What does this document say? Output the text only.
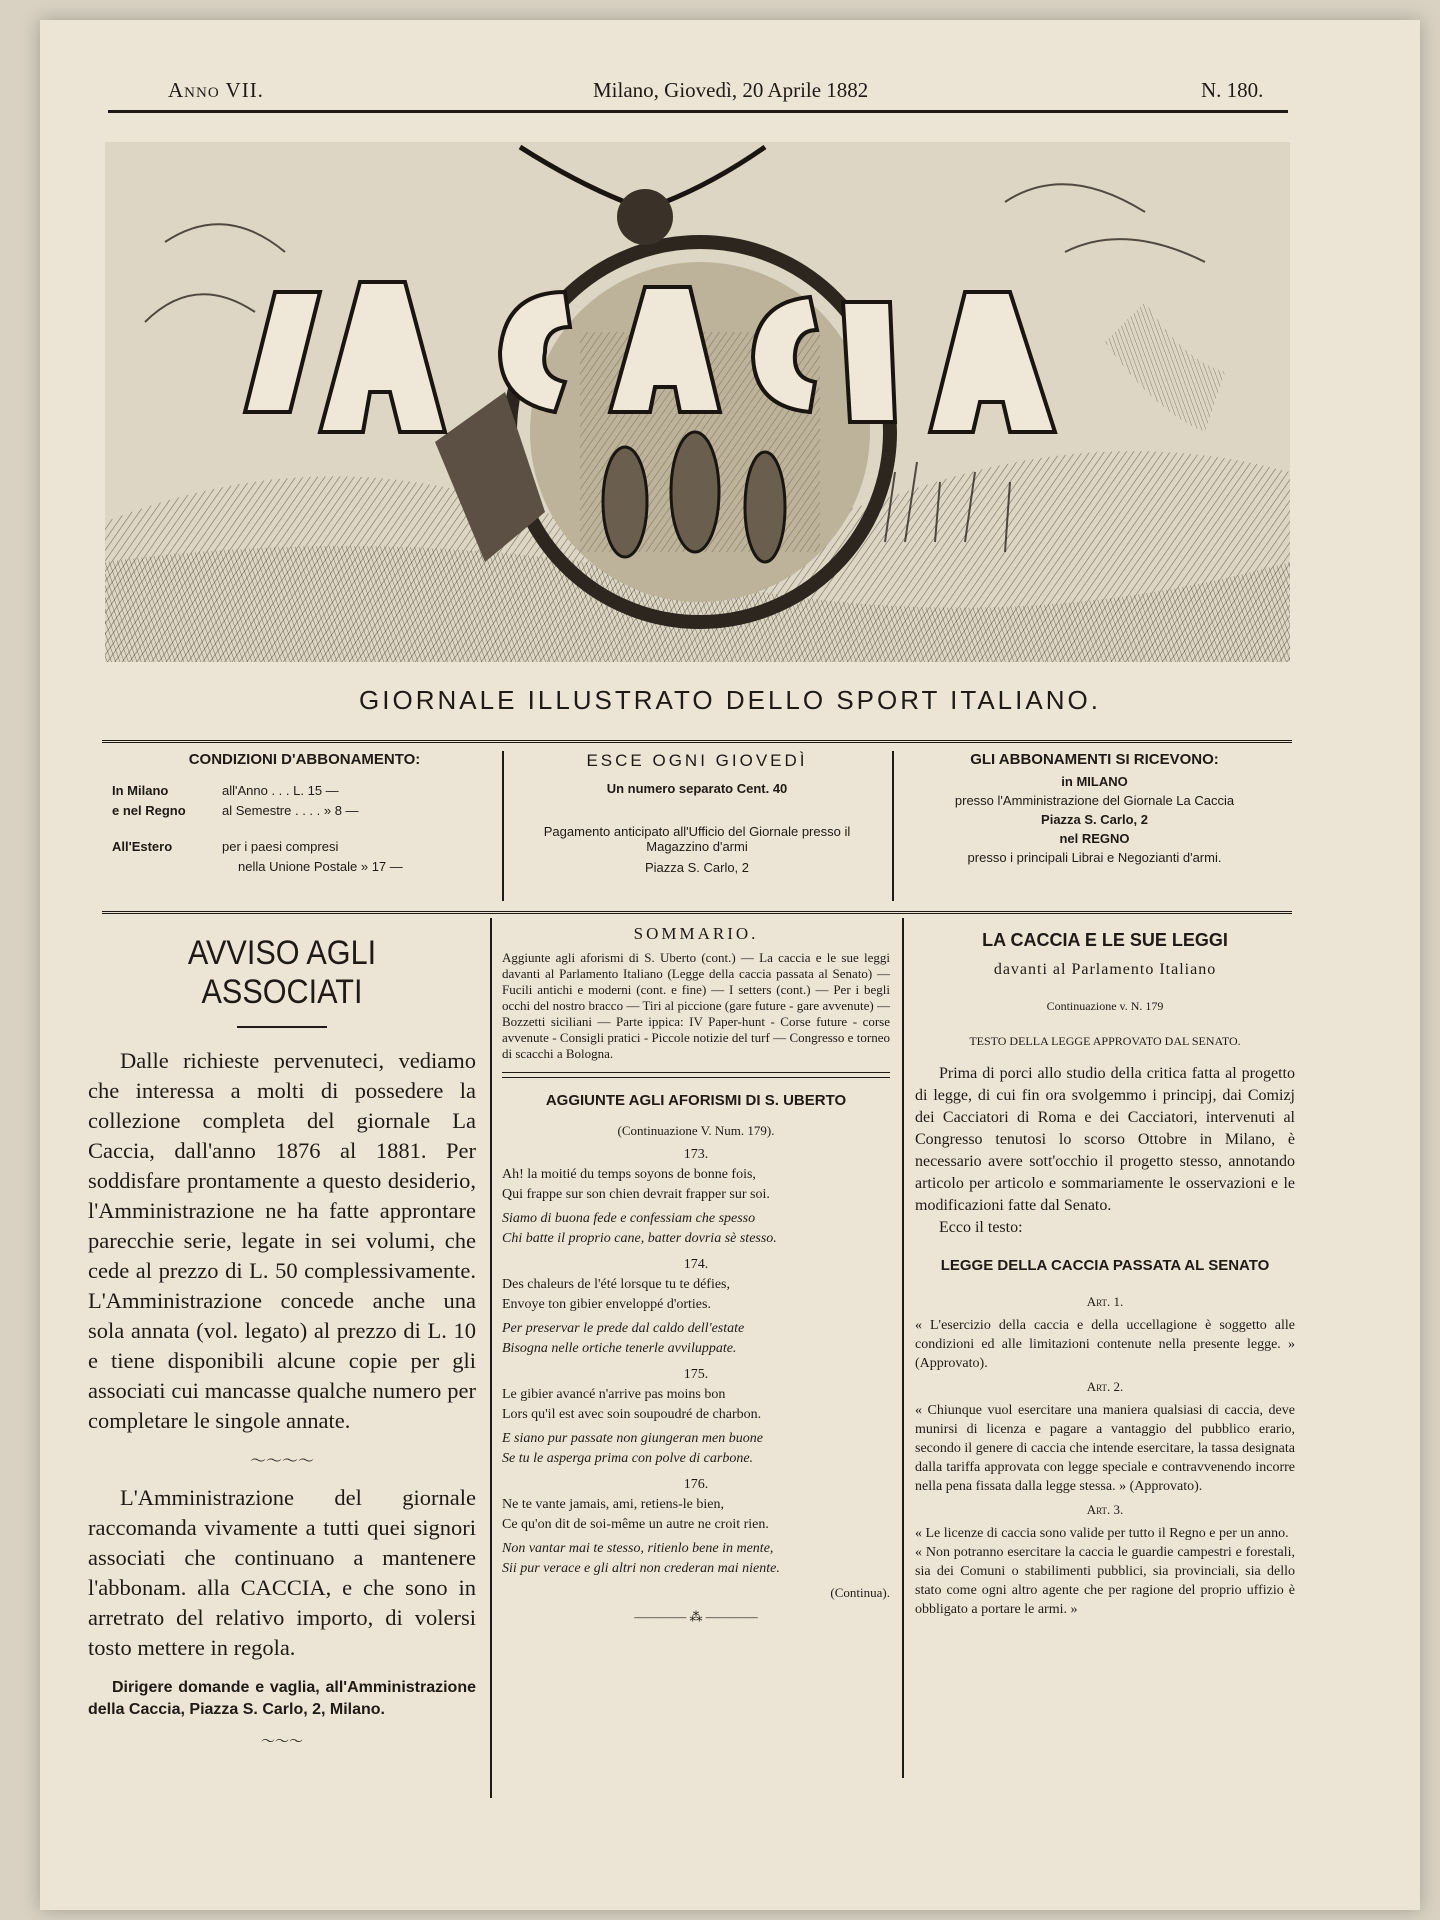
Anno VII.	Milano, Giovedì, 20 Aprile 1882	N. 180.
GIORNALE ILLUSTRATO DELLO SPORT ITALIANO.
CONDIZIONI D'ABBONAMENTO:
In Milano	all'Anno . . . L. 15 —
e nel Regno	al Semestre . . . . » 8 —
All'Estero	per i paesi compresi
nella Unione Postale » 17 —
ESCE OGNI GIOVEDÌ
Un numero separato Cent. 40
Pagamento anticipato all'Ufficio del Giornale presso il Magazzino d'armi
Piazza S. Carlo, 2
GLI ABBONAMENTI SI RICEVONO:
in MILANO
presso l'Amministrazione del Giornale La Caccia
Piazza S. Carlo, 2
nel REGNO
presso i principali Librai e Negozianti d'armi.
AVVISO AGLI ASSOCIATI

Dalle richieste pervenuteci, vediamo che interessa a molti di possedere la collezione completa del giornale La Caccia, dall'anno 1876 al 1881. Per soddisfare prontamente a questo desiderio, l'Amministrazione ne ha fatte approntare parecchie serie, legate in sei volumi, che cede al prezzo di L. 50 complessivamente. L'Amministrazione concede anche una sola annata (vol. legato) al prezzo di L. 10 e tiene disponibili alcune copie per gli associati cui mancasse qualche numero per completare le singole annate.

〜〜〜〜

L'Amministrazione del giornale raccomanda vivamente a tutti quei signori associati che continuano a mantenere l'abbonam. alla CACCIA, e che sono in arretrato del relativo importo, di volersi tosto mettere in regola.

Dirigere domande e vaglia, all'Amministrazione della Caccia, Piazza S. Carlo, 2, Milano.

〜〜〜
SOMMARIO.
Aggiunte agli aforismi di S. Uberto (cont.) — La caccia e le sue leggi davanti al Parlamento Italiano (Legge della caccia passata al Senato) — Fucili antichi e moderni (cont. e fine) — I setters (cont.) — Per i begli occhi del nostro bracco — Tiri al piccione (gare future - gare avvenute) — Bozzetti siciliani — Parte ippica: IV Paper-hunt - Corse future - corse avvenute - Consigli pratici - Piccole notizie del turf — Congresso e torneo di scacchi a Bologna.
AGGIUNTE AGLI AFORISMI DI S. UBERTO
(Continuazione V. Num. 179).
173.
Ah! la moitié du temps soyons de bonne fois,
Qui frappe sur son chien devrait frapper sur soi.
Siamo di buona fede e confessiam che spesso
Chi batte il proprio cane, batter dovria sè stesso.
174.
Des chaleurs de l'été lorsque tu te défies,
Envoye ton gibier enveloppé d'orties.
Per preservar le prede dal caldo dell'estate
Bisogna nelle ortiche tenerle avviluppate.
175.
Le gibier avancé n'arrive pas moins bon
Lors qu'il est avec soin soupoudré de charbon.
E siano pur passate non giungeran men buone
Se tu le asperga prima con polve di carbone.
176.
Ne te vante jamais, ami, retiens-le bien,
Ce qu'on dit de soi-même un autre ne croit rien.
Non vantar mai te stesso, ritienlo bene in mente,
Sii pur verace e gli altri non crederan mai niente.
(Continua).
———— ⁂ ————
LA CACCIA E LE SUE LEGGI
davanti al Parlamento Italiano
Continuazione v. N. 179
TESTO DELLA LEGGE APPROVATO DAL SENATO.
Prima di porci allo studio della critica fatta al progetto di legge, di cui fin ora svolgemmo i principj, dai Comizj dei Cacciatori di Roma e dei Cacciatori, intervenuti al Congresso tenutosi lo scorso Ottobre in Milano, è necessario avere sott'occhio il progetto stesso, annotando articolo per articolo e sommariamente le osservazioni e le modificazioni fatte dal Senato.
Ecco il testo:
LEGGE DELLA CACCIA PASSATA AL SENATO
Art. 1.
« L'esercizio della caccia e della uccellagione è soggetto alle condizioni ed alle limitazioni contenute nella presente legge. » (Approvato).
Art. 2.
« Chiunque vuol esercitare una maniera qualsiasi di caccia, deve munirsi di licenza e pagare a vantaggio del pubblico erario, secondo il genere di caccia che intende esercitare, la tassa designata dalla tariffa approvata con legge speciale e contravvenendo incorre nella pena fissata dalla legge stessa. » (Approvato).
Art. 3.
« Le licenze di caccia sono valide per tutto il Regno e per un anno.
« Non potranno esercitare la caccia le guardie campestri e forestali, sia dei Comuni o stabilimenti pubblici, sia provinciali, sia dello stato come ogni altro agente che per ragione del proprio uffizio è obbligato a portare le armi. »
